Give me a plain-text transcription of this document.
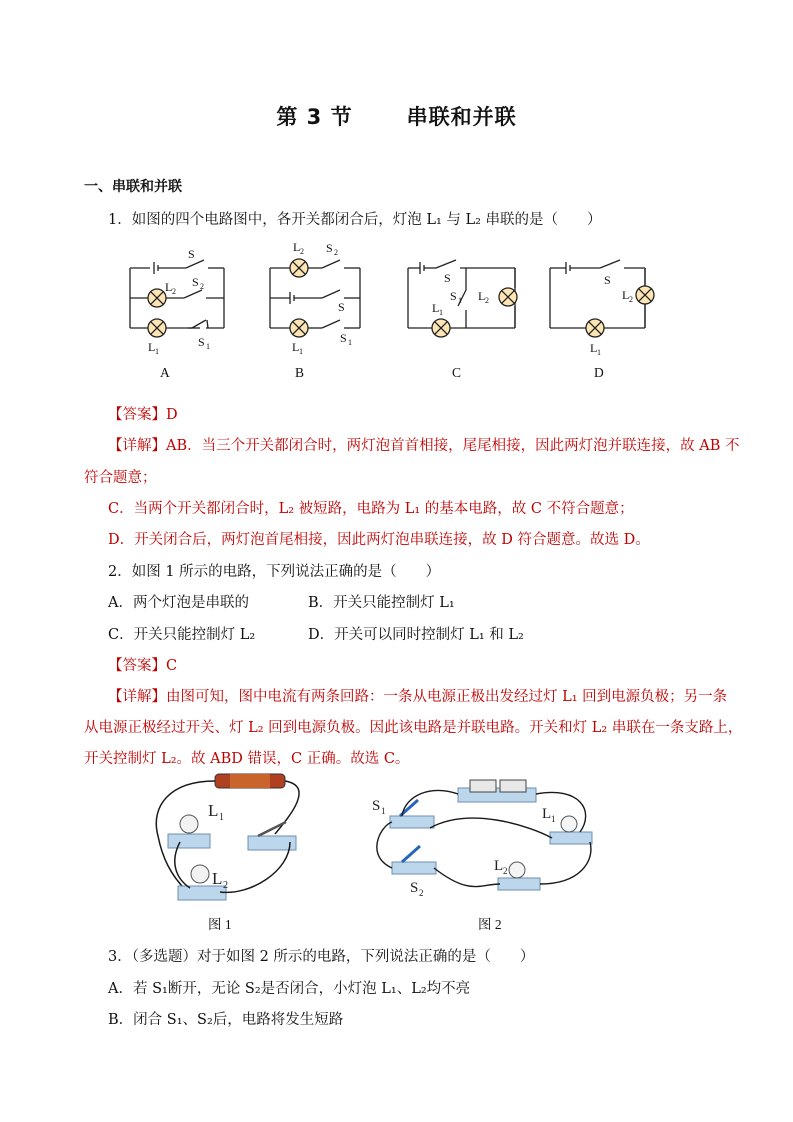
第 3 节	串联和并联
一、串联和并联
1．如图的四个电路图中，各开关都闭合后，灯泡 L₁ 与 L₂ 串联的是（　　）
S
L 2
S 2
L 1
S 1
L 2 S 2
S
L 1
S 1
S
S 1
L 1
L 2
S
L 2
L 1
A	B	C	D
【答案】D
【详解】AB．当三个开关都闭合时，两灯泡首首相接，尾尾相接，因此两灯泡并联连接，故 AB 不
符合题意；
C．当两个开关都闭合时，L₂ 被短路，电路为 L₁ 的基本电路，故 C 不符合题意；
D．开关闭合后，两灯泡首尾相接，因此两灯泡串联连接，故 D 符合题意。故选 D。
2．如图 1 所示的电路，下列说法正确的是（　　）
A．两个灯泡是串联的	B．开关只能控制灯 L₁
C．开关只能控制灯 L₂	D．开关可以同时控制灯 L₁ 和 L₂
【答案】C
【详解】由图可知，图中电流有两条回路：一条从电源正极出发经过灯 L₁ 回到电源负极；另一条
从电源正极经过开关、灯 L₂ 回到电源负极。因此该电路是并联电路。开关和灯 L₂ 串联在一条支路上，
开关控制灯 L₂。故 ABD 错误，C 正确。故选 C。
L 1
L 2
S 1
S 2
L 1
L 2
图 1	图 2
3．（多选题）对于如图 2 所示的电路，下列说法正确的是（　　）
A．若 S₁断开，无论 S₂是否闭合，小灯泡 L₁、L₂均不亮
B．闭合 S₁、S₂后，电路将发生短路
